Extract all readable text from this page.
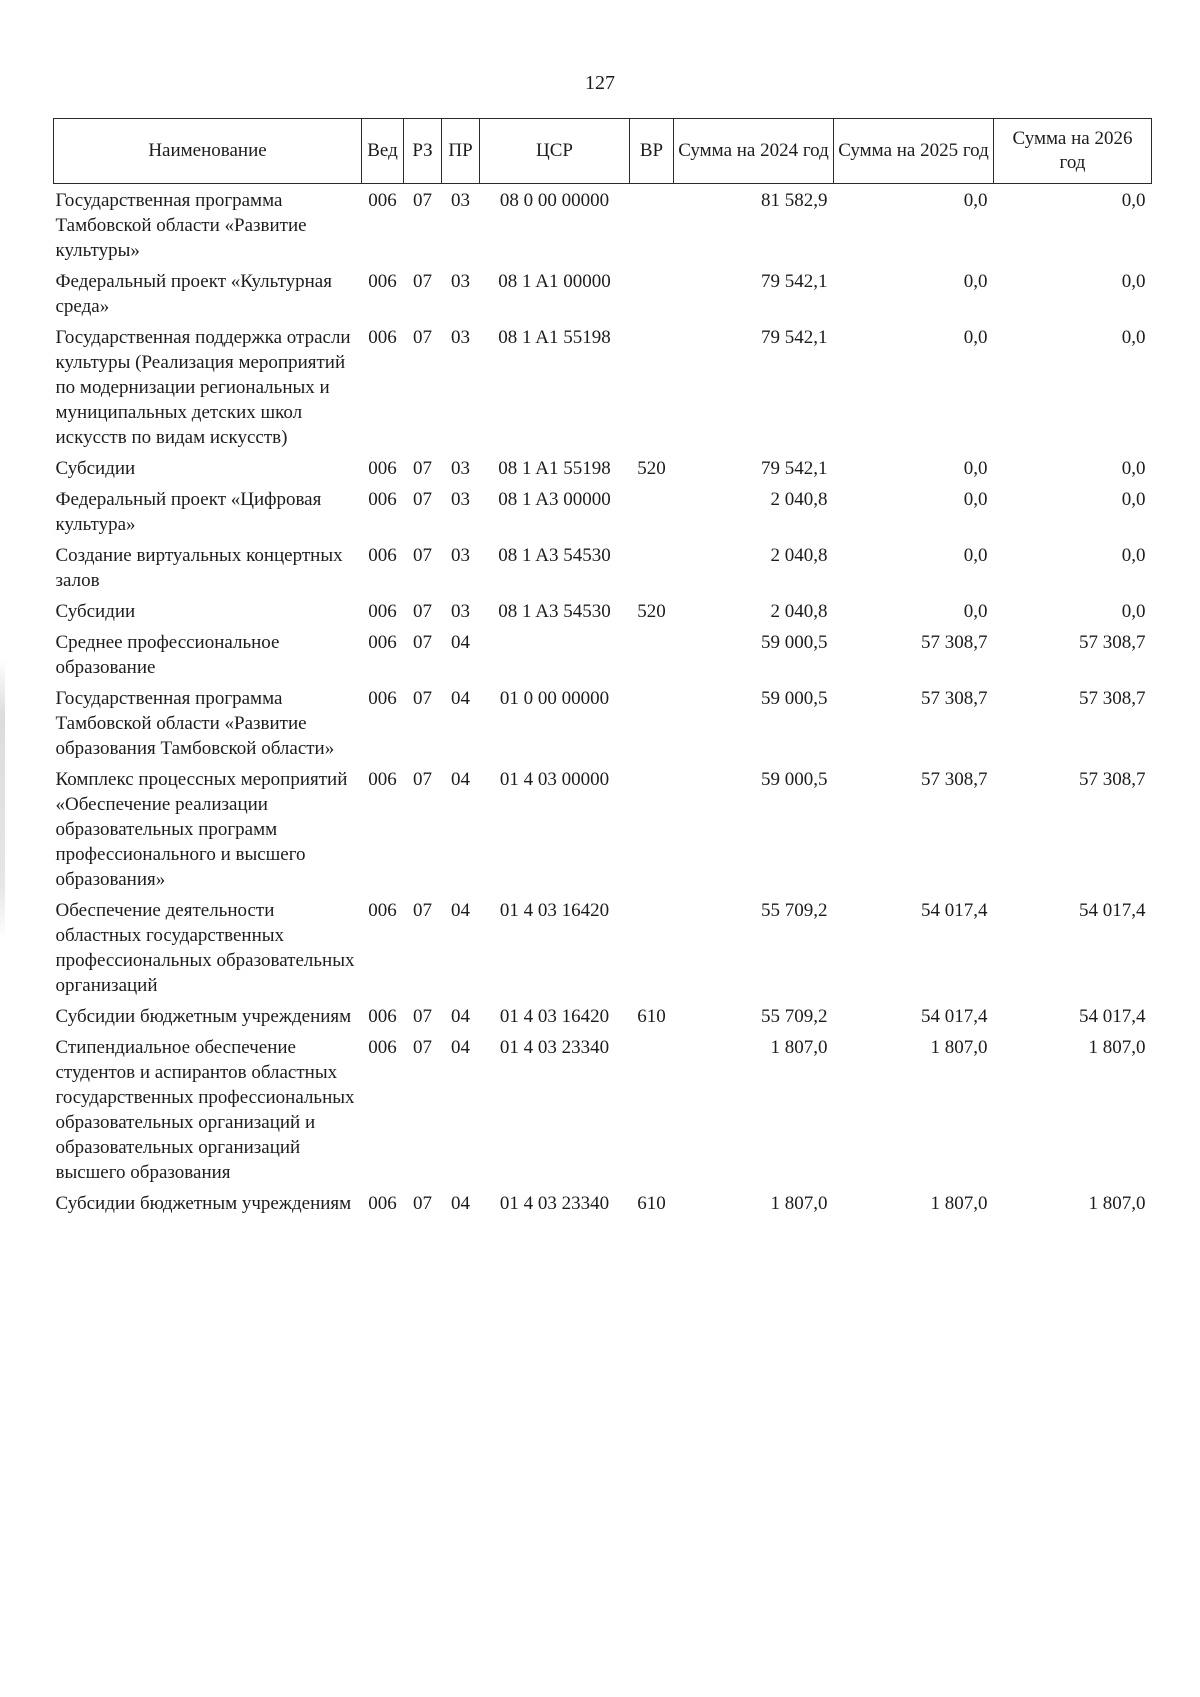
127
Наименование	Вед	РЗ	ПР	ЦСР	ВР	Сумма на 2024 год	Сумма на 2025 год	Сумма на 2026 год
Государственная программа Тамбовской области «Развитие культуры»	006	07	03	08 0 00 00000		81 582,9	0,0	0,0
Федеральный проект «Культурная среда»	006	07	03	08 1 A1 00000		79 542,1	0,0	0,0
Государственная поддержка отрасли культуры (Реализация мероприятий по модернизации региональных и муниципальных детских школ искусств по видам искусств)	006	07	03	08 1 A1 55198		79 542,1	0,0	0,0
Субсидии	006	07	03	08 1 A1 55198	520	79 542,1	0,0	0,0
Федеральный проект «Цифровая культура»	006	07	03	08 1 A3 00000		2 040,8	0,0	0,0
Создание виртуальных концертных залов	006	07	03	08 1 A3 54530		2 040,8	0,0	0,0
Субсидии	006	07	03	08 1 A3 54530	520	2 040,8	0,0	0,0
Среднее профессиональное образование	006	07	04			59 000,5	57 308,7	57 308,7
Государственная программа Тамбовской области «Развитие образования Тамбовской области»	006	07	04	01 0 00 00000		59 000,5	57 308,7	57 308,7
Комплекс процессных мероприятий «Обеспечение реализации образовательных программ профессионального и высшего образования»	006	07	04	01 4 03 00000		59 000,5	57 308,7	57 308,7
Обеспечение деятельности областных государственных профессиональных образовательных организаций	006	07	04	01 4 03 16420		55 709,2	54 017,4	54 017,4
Субсидии бюджетным учреждениям	006	07	04	01 4 03 16420	610	55 709,2	54 017,4	54 017,4
Стипендиальное обеспечение студентов и аспирантов областных государственных профессиональных образовательных организаций и образовательных организаций высшего образования	006	07	04	01 4 03 23340		1 807,0	1 807,0	1 807,0
Субсидии бюджетным учреждениям	006	07	04	01 4 03 23340	610	1 807,0	1 807,0	1 807,0
